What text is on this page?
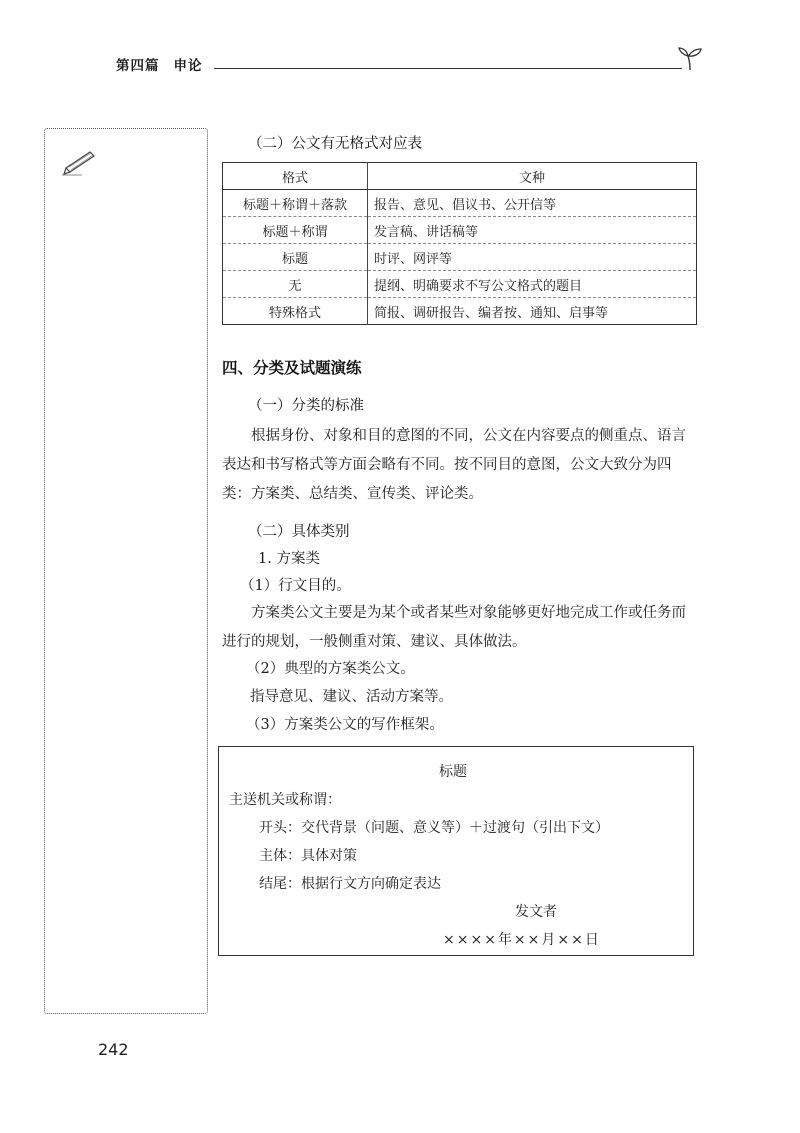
第四篇 申论
（二）公文有无格式对应表
格式	文种
标题＋称谓＋落款	报告、意见、倡议书、公开信等
标题＋称谓	发言稿、讲话稿等
标题	时评、网评等
无	提纲、明确要求不写公文格式的题目
特殊格式	简报、调研报告、编者按、通知、启事等
四、分类及试题演练
（一）分类的标准
根据身份、对象和目的意图的不同，公文在内容要点的侧重点、语言表达和书写格式等方面会略有不同。按不同目的意图，公文大致分为四类：方案类、总结类、宣传类、评论类。
（二）具体类别
1. 方案类
（1）行文目的。
方案类公文主要是为某个或者某些对象能够更好地完成工作或任务而进行的规划，一般侧重对策、建议、具体做法。
（2）典型的方案类公文。
指导意见、建议、活动方案等。
（3）方案类公文的写作框架。
标题
主送机关或称谓：
开头：交代背景（问题、意义等）＋过渡句（引出下文）
主体：具体对策
结尾：根据行文方向确定表达
发文者
××××年××月××日
242
